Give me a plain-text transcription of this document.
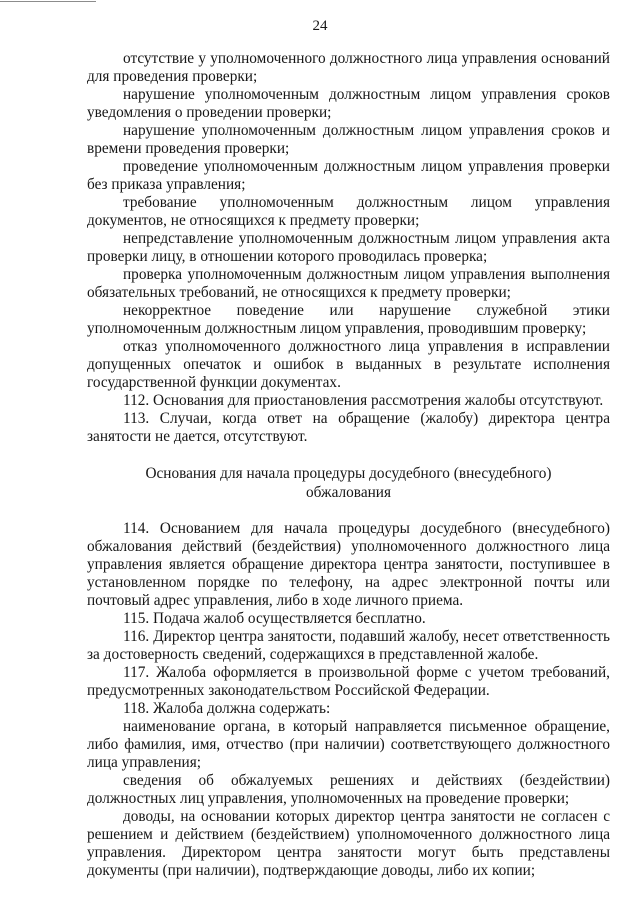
24

отсутствие у уполномоченного должностного лица управления оснований для проведения проверки;

нарушение уполномоченным должностным лицом управления сроков уведомления о проведении проверки;

нарушение уполномоченным должностным лицом управления сроков и времени проведения проверки;

проведение уполномоченным должностным лицом управления проверки без приказа управления;

требование уполномоченным должностным лицом управления документов, не относящихся к предмету проверки;

непредставление уполномоченным должностным лицом управления акта проверки лицу, в отношении которого проводилась проверка;

проверка уполномоченным должностным лицом управления выполнения обязательных требований, не относящихся к предмету проверки;

некорректное поведение или нарушение служебной этики уполномоченным должностным лицом управления, проводившим проверку;

отказ уполномоченного должностного лица управления в исправлении допущенных опечаток и ошибок в выданных в результате исполнения государственной функции документах.

112. Основания для приостановления рассмотрения жалобы отсутствуют.

113. Случаи, когда ответ на обращение (жалобу) директора центра занятости не дается, отсутствуют.

Основания для начала процедуры досудебного (внесудебного)

обжалования

114. Основанием для начала процедуры досудебного (внесудебного) обжалования действий (бездействия) уполномоченного должностного лица управления является обращение директора центра занятости, поступившее в установленном порядке по телефону, на адрес электронной почты или почтовый адрес управления, либо в ходе личного приема.

115. Подача жалоб осуществляется бесплатно.

116. Директор центра занятости, подавший жалобу, несет ответственность за достоверность сведений, содержащихся в представленной жалобе.

117. Жалоба оформляется в произвольной форме с учетом требований, предусмотренных законодательством Российской Федерации.

118. Жалоба должна содержать:

наименование органа, в который направляется письменное обращение, либо фамилия, имя, отчество (при наличии) соответствующего должностного лица управления;

сведения об обжалуемых решениях и действиях (бездействии) должностных лиц управления, уполномоченных на проведение проверки;

доводы, на основании которых директор центра занятости не согласен с решением и действием (бездействием) уполномоченного должностного лица управления. Директором центра занятости могут быть представлены документы (при наличии), подтверждающие доводы, либо их копии;
